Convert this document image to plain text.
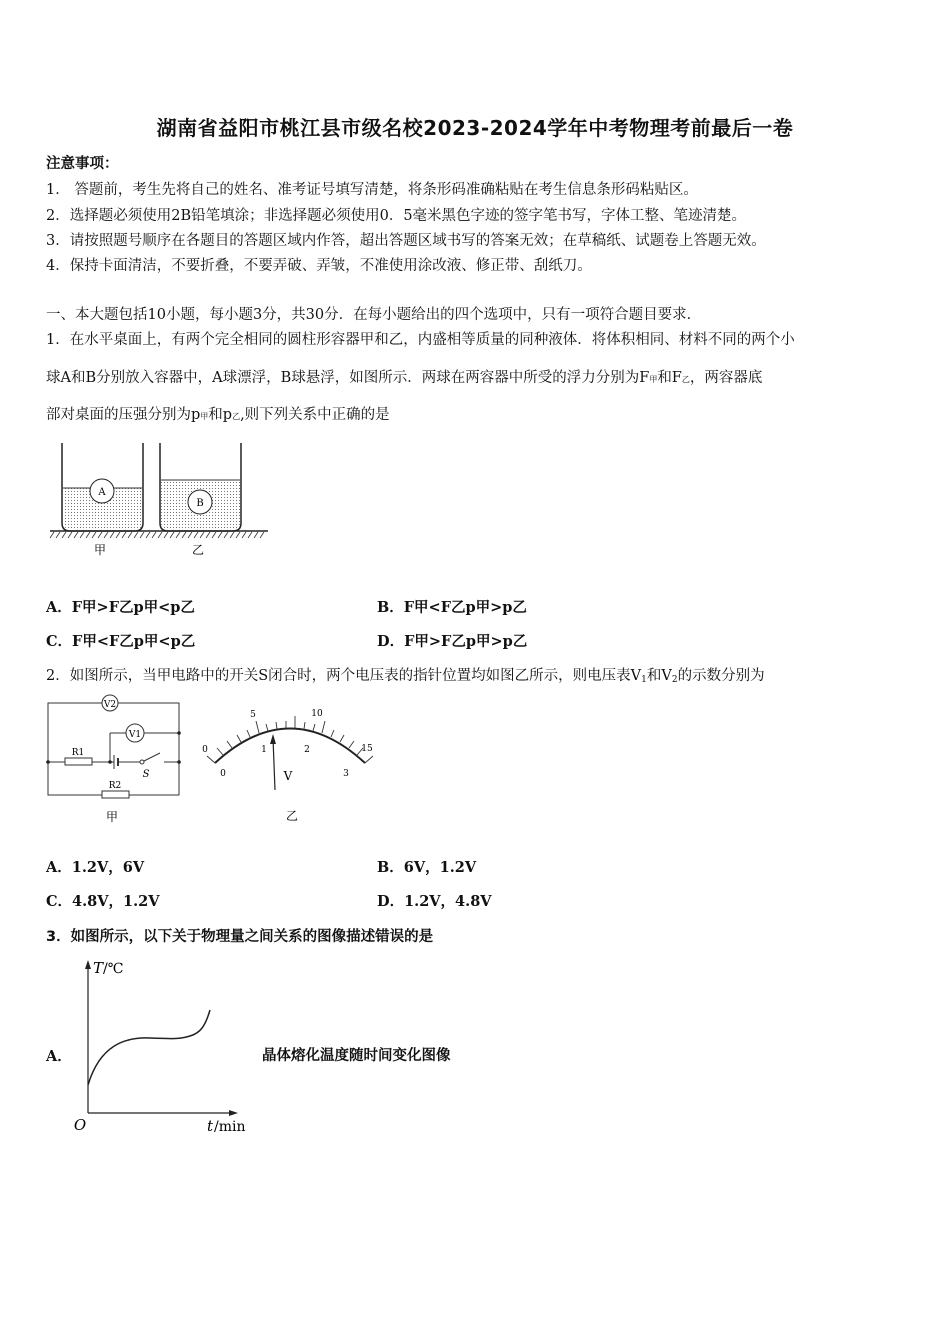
湖南省益阳市桃江县市级名校2023-2024学年中考物理考前最后一卷
注意事项：
1． 答题前，考生先将自己的姓名、准考证号填写清楚，将条形码准确粘贴在考生信息条形码粘贴区。
2．选择题必须使用2B铅笔填涂；非选择题必须使用0．5毫米黑色字迹的签字笔书写，字体工整、笔迹清楚。
3．请按照题号顺序在各题目的答题区域内作答，超出答题区域书写的答案无效；在草稿纸、试题卷上答题无效。
4．保持卡面清洁，不要折叠，不要弄破、弄皱，不准使用涂改液、修正带、刮纸刀。
一、本大题包括10小题，每小题3分，共30分．在每小题给出的四个选项中，只有一项符合题目要求．
1．在水平桌面上，有两个完全相同的圆柱形容器甲和乙，内盛相等质量的同种液体．将体积相同、材料不同的两个小
球A和B分别放入容器中，A球漂浮，B球悬浮，如图所示．两球在两容器中所受的浮力分别为F甲和F乙，两容器底
部对桌面的压强分别为p甲和p乙,则下列关系中正确的是
A
B
甲	乙
A．F甲>F乙p甲<p乙	B．F甲<F乙p甲>p乙
C．F甲<F乙p甲<p乙	D．F甲>F乙p甲>p乙
2．如图所示，当甲电路中的开关S闭合时，两个电压表的指针位置均如图乙所示，则电压表V1和V2的示数分别为
V2
V1
R1
R2
S
甲
0
5	10
15
0
1	2
3
V
乙
A．1.2V，6V	B．6V，1.2V
C．4.8V，1.2V	D．1.2V，4.8V
3．如图所示，以下关于物理量之间关系的图像描述错误的是
A．
T /℃
O	t /min
晶体熔化温度随时间变化图像
